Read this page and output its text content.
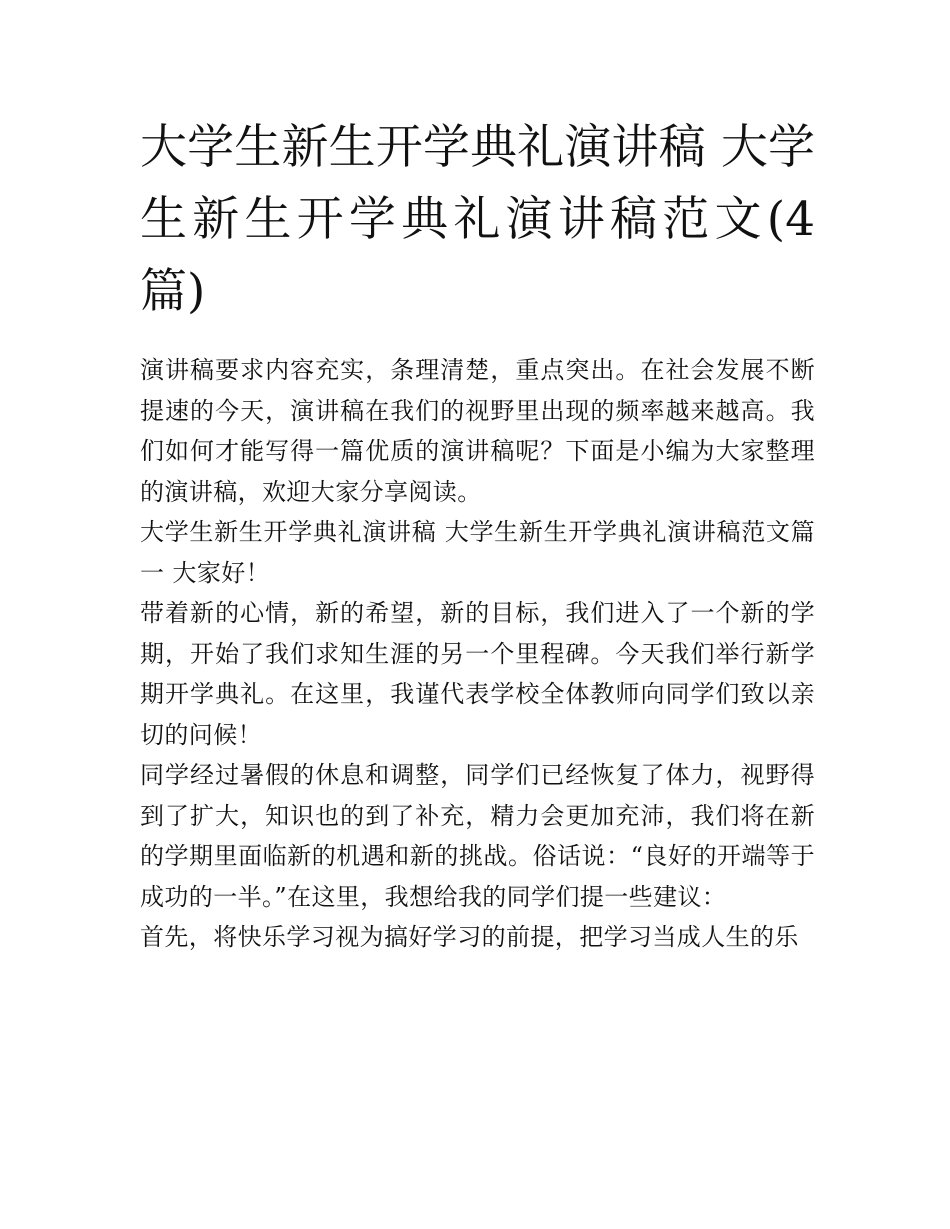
大学生新生开学典礼演讲稿 大学生新生开学典礼演讲稿范文(4篇)

演讲稿要求内容充实，条理清楚，重点突出。在社会发展不断提速的今天，演讲稿在我们的视野里出现的频率越来越高。我们如何才能写得一篇优质的演讲稿呢？下面是小编为大家整理的演讲稿，欢迎大家分享阅读。

大学生新生开学典礼演讲稿 大学生新生开学典礼演讲稿范文篇一 大家好！

带着新的心情，新的希望，新的目标，我们进入了一个新的学期，开始了我们求知生涯的另一个里程碑。今天我们举行新学期开学典礼。在这里，我谨代表学校全体教师向同学们致以亲切的问候！

同学经过暑假的休息和调整，同学们已经恢复了体力，视野得到了扩大，知识也的到了补充，精力会更加充沛，我们将在新的学期里面临新的机遇和新的挑战。俗话说：“良好的开端等于成功的一半。”在这里，我想给我的同学们提一些建议：

首先，将快乐学习视为搞好学习的前提，把学习当成人生的乐
